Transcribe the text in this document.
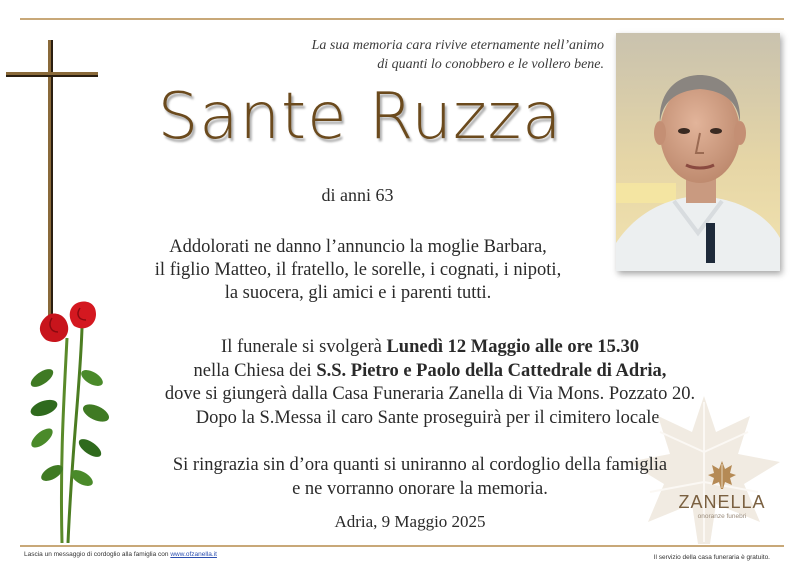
La sua memoria cara rivive eternamente nell’animo
di quanti lo conobbero e le vollero bene.
Sante Ruzza
di anni 63
Addolorati ne danno l’annuncio la moglie Barbara,
il figlio Matteo, il fratello, le sorelle, i cognati, i nipoti,
la suocera, gli amici e i parenti tutti.
Il funerale si svolgerà Lunedì 12 Maggio alle ore 15.30
nella Chiesa dei S.S. Pietro e Paolo della Cattedrale di Adria,
dove si giungerà dalla Casa Funeraria Zanella di Via Mons. Pozzato 20.
Dopo la S.Messa il caro Sante proseguirà per il cimitero locale.
ZANELLA
onoranze funebri
Adria, 9 Maggio 2025
Si ringrazia sin d’ora quanti si uniranno al cordoglio della famiglia
e ne vorranno onorare la memoria.
Lascia un messaggio di cordoglio alla famiglia con www.ofzanella.it	Il servizio della casa funeraria è gratuito.
